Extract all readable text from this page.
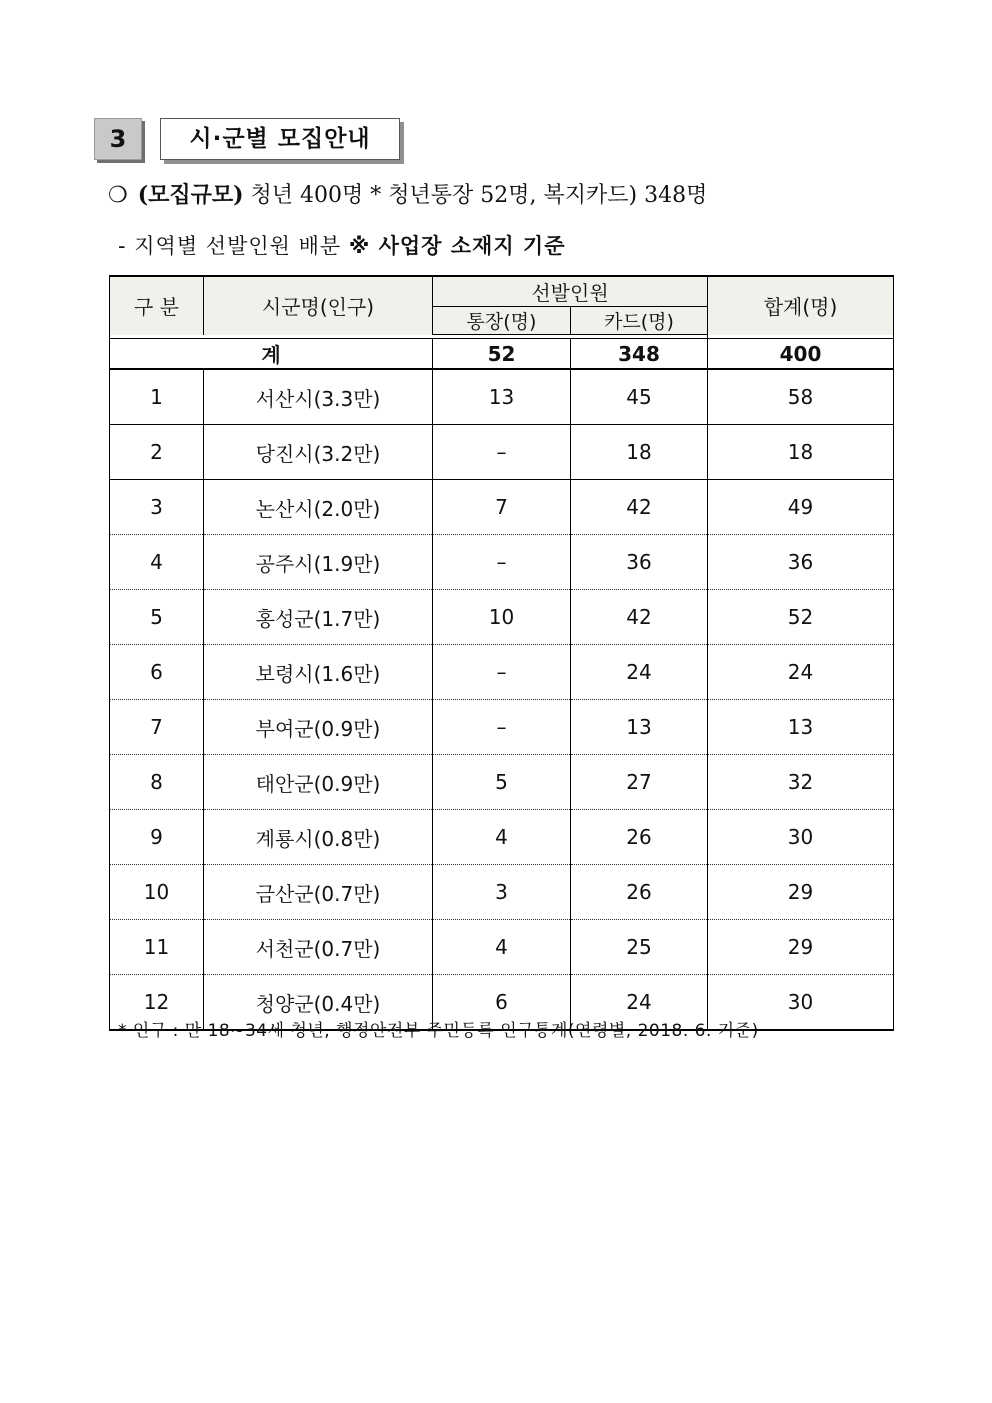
3	시·군별 모집안내
❍ (모집규모) 청년 400명 * 청년통장 52명, 복지카드) 348명
- 지역별 선발인원 배분 ※ 사업장 소재지 기준
구 분	시군명(인구)	선발인원		합계(명)
		통장(명)	카드(명)	

계		52	348	400
1	서산시(3.3만)	13	45	58
2	당진시(3.2만)	–	18	18
3	논산시(2.0만)	7	42	49
4	공주시(1.9만)	–	36	36
5	홍성군(1.7만)	10	42	52
6	보령시(1.6만)	–	24	24
7	부여군(0.9만)	–	13	13
8	태안군(0.9만)	5	27	32
9	계룡시(0.8만)	4	26	30
10	금산군(0.7만)	3	26	29
11	서천군(0.7만)	4	25	29
12	청양군(0.4만)	6	24	30
* 인구 : 만 18~34세 청년, 행정안전부 주민등록 인구통계(연령별, 2018. 6. 기준)
